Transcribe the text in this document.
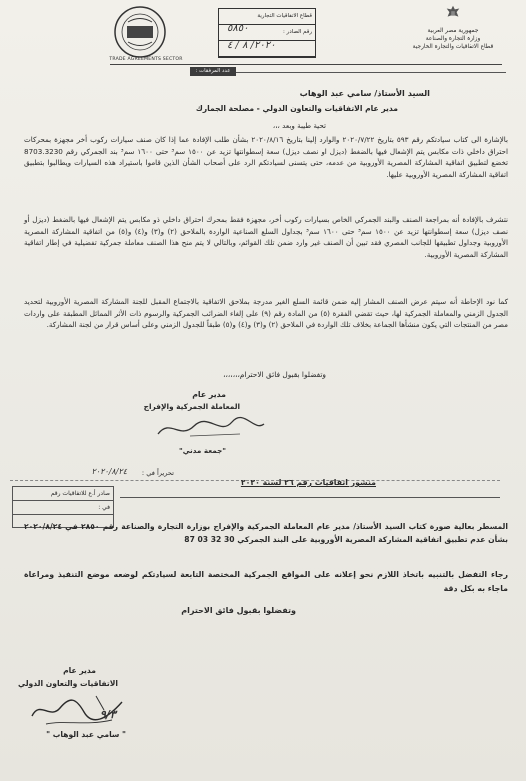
جمهورية مصر العربية
وزارة التجارة والصناعة
قطاع الاتفاقيات والتجارة الخارجية
قطاع الاتفاقيات التجارية
رقم الصادر :
٥٨٥٠
٢٠٢٠/ ٨ / ٤
TRADE AGREEMENTS SECTOR
عدد المرفقات :
السيد الأستاذ/ سامي عبد الوهاب
مدير عام الاتفاقيات والتعاون الدولي - مصلحة الجمارك
تحية طيبة وبعد ،،،
بالإشارة الى كتاب سيادتكم رقم ٥٩٣ بتاريخ ٢٠٢٠/٧/٢٢ والوارد إلينا بتاريخ ٢٠٢٠/٨/١٦ بشأن طلب الإفادة عما إذا كان صنف سيارات ركوب أخر مجهزة بمحركات احتراق داخلي ذات مكابس يتم الإشعال فيها بالضغط (ديزل او نصف ديزل) سعة إسطوانتها تزيد عن ١٥٠٠ سم³ حتى ١٦٠٠ سم³ بند الجمركي رقم 8703.3230 تخضع لتطبيق اتفاقية المشاركة المصرية الأوروبية من عدمه، حتى يتسنى لسيادتكم الرد على أصحاب الشأن الذين قاموا باستيراد هذه السيارات ويطالبوا بتطبيق اتفاقية المشاركة المصرية الأوروبية عليها.
نتشرف بالإفادة أنه بمراجعة الصنف والبند الجمركي الخاص بسيارات ركوب أخر، مجهزة فقط بمحرك احتراق داخلي ذو مكابس يتم الإشعال فيها بالضغط (ديزل أو نصف ديزل) سعة إسطوانتها تزيد عن ١٥٠٠ سم³ حتى ١٦٠٠ سم³ بجداول السلع الصناعية الواردة بالملاحق (٢) و(٣) و(٤) و(٥) من اتفاقية المشاركة المصرية الأوروبية وجداول تطبيقها للجانب المصري فقد تبين أن الصنف غير وارد ضمن تلك القوائم، وبالتالي لا يتم منح هذا الصنف معاملة جمركية تفضيلية في إطار اتفاقية المشاركة المصرية الأوروبية.
كما نود الإحاطة أنه سيتم عرض الصنف المشار إليه ضمن قائمة السلع الغير مدرجة بملاحق الاتفاقية بالاجتماع المقبل للجنة المشاركة المصرية الأوروبية لتحديد الجدول الزمني والمعاملة الجمركية لها، حيث تقضي الفقرة (٥) من المادة رقم (٩) على إلغاء الضرائب الجمركية والرسوم ذات الأثر المماثل المطبقة على واردات مصر من المنتجات التي يكون منشأها الجماعة بخلاف تلك الواردة في الملاحق (٢) و(٣) و(٤) و(٥) طبقاً للجدول الزمني وعلى أساس قرار من لجنة المشاركة.
وتفضلوا بقبول فائق الاحترام،،،،،،،
مدير عام
المعاملة الجمركية والإفراج
"جمعة مدني"
تحريراً في :
٢٠٢٠/٨/٢٤
صادر أ.ع للاتفاقيات رقم
في :
منشور اتفاقيات رقم ٢٦ لسنة ٢٠٢٠
المسطر بعالية صورة كتاب السيد الأستاذ/ مدير عام المعاملة الجمركية والإفراج بوزارة التجارة والصناعة رقم ٢٨٥٠ في ٢٠٢٠/٨/٢٤ بشأن عدم تطبيق اتفاقية المشاركة المصرية الأوروبية على البند الجمركي 30 32 03 87
رجاء التفضل بالتنبيه باتخاذ اللازم نحو إعلانه على المواقع الجمركية المختصة التابعة لسيادتكم لوضعه موضع التنفيذ ومراعاة ماجاء به بكل دقة
وتفضلوا بقبول فائق الاحترام
مدير عام
الاتفاقيات والتعاون الدولي
٩/٣
" سامي عبد الوهاب "
